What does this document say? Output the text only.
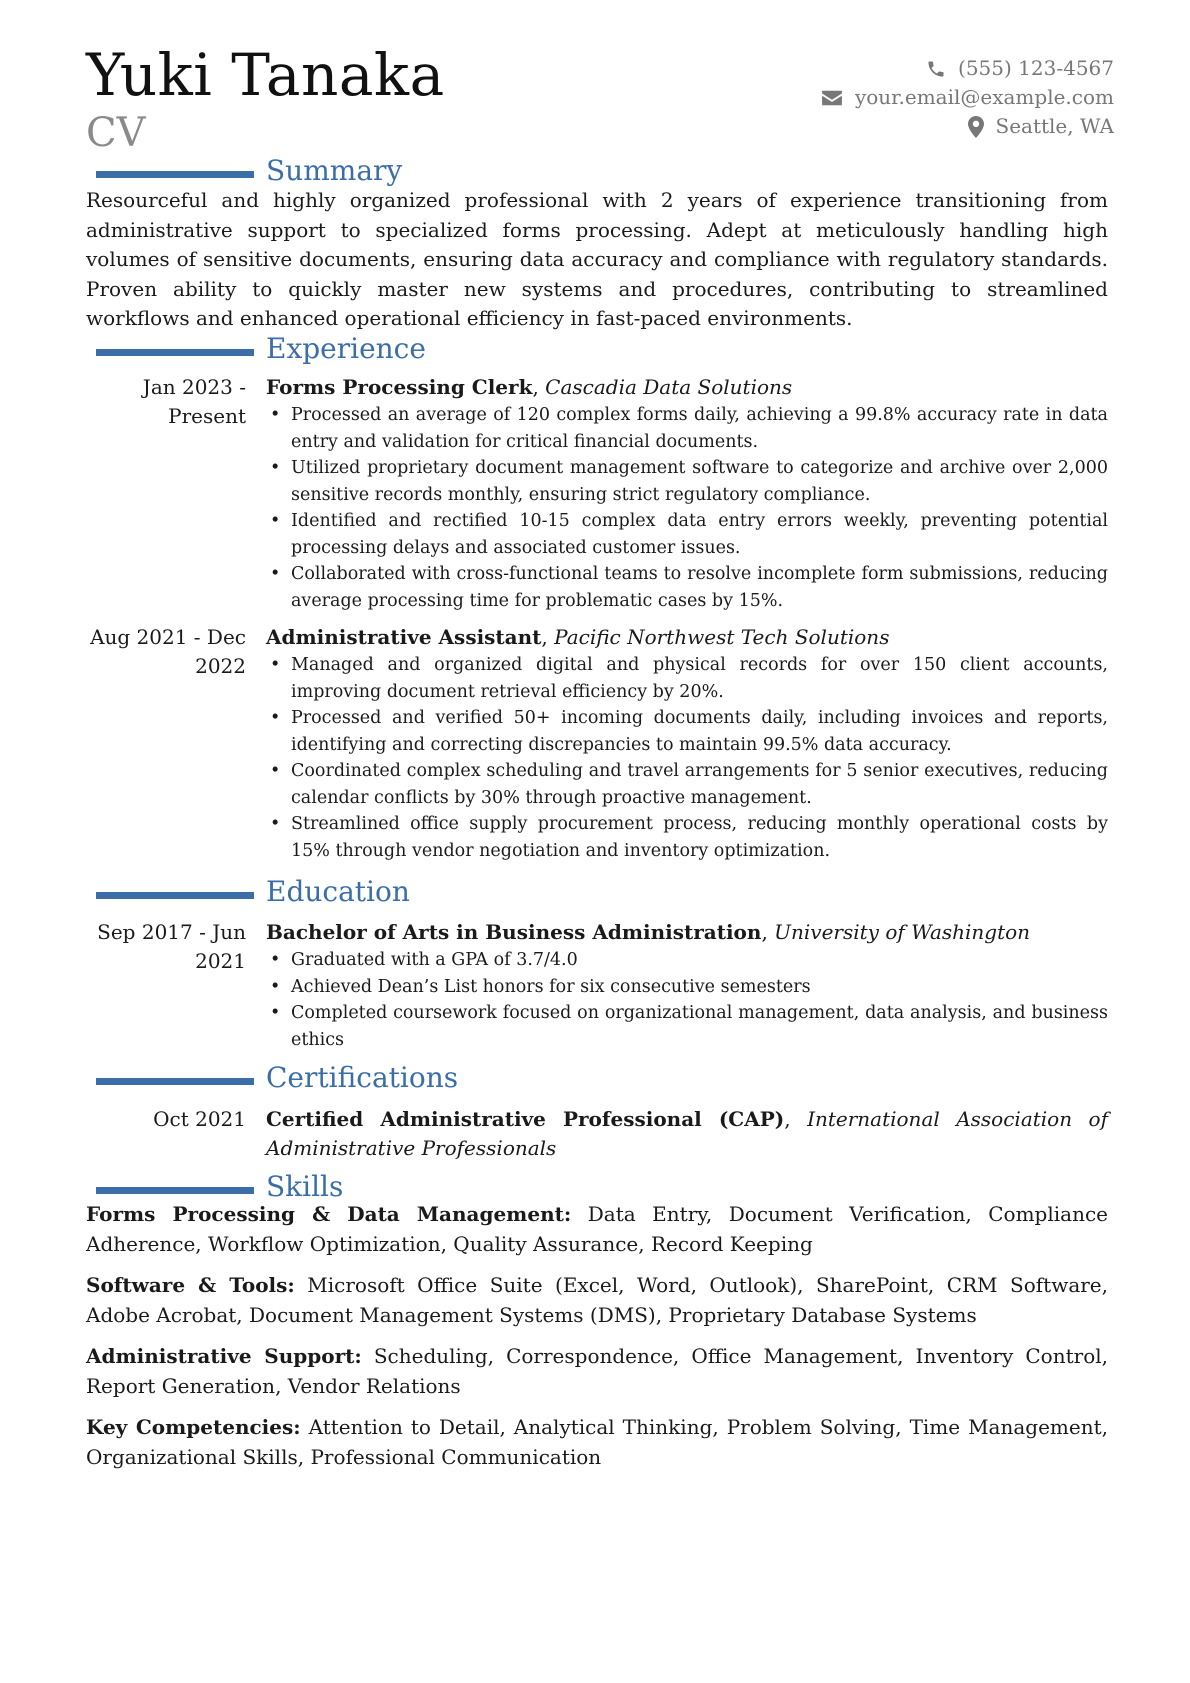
Yuki Tanaka
CV
(555) 123-4567
your.email@example.com
Seattle, WA
Summary
Resourceful and highly organized professional with 2 years of experience transitioning from administrative support to specialized forms processing. Adept at meticulously handling high volumes of sensitive documents, ensuring data accuracy and compliance with regulatory standards. Proven ability to quickly master new systems and procedures, contributing to streamlined workflows and enhanced operational efficiency in fast-paced environments.
Experience
Jan 2023 - Present
Forms Processing Clerk, Cascadia Data Solutions
• Processed an average of 120 complex forms daily, achieving a 99.8% accuracy rate in data entry and validation for critical financial documents.
• Utilized proprietary document management software to categorize and archive over 2,000 sensitive records monthly, ensuring strict regulatory compliance.
• Identified and rectified 10-15 complex data entry errors weekly, preventing potential processing delays and associated customer issues.
• Collaborated with cross-functional teams to resolve incomplete form submissions, reducing average processing time for problematic cases by 15%.
Aug 2021 - Dec 2022
Administrative Assistant, Pacific Northwest Tech Solutions
• Managed and organized digital and physical records for over 150 client accounts, improving document retrieval efficiency by 20%.
• Processed and verified 50+ incoming documents daily, including invoices and reports, identifying and correcting discrepancies to maintain 99.5% data accuracy.
• Coordinated complex scheduling and travel arrangements for 5 senior executives, reducing calendar conflicts by 30% through proactive management.
• Streamlined office supply procurement process, reducing monthly operational costs by 15% through vendor negotiation and inventory optimization.
Education
Sep 2017 - Jun 2021
Bachelor of Arts in Business Administration, University of Washington
• Graduated with a GPA of 3.7/4.0
• Achieved Dean’s List honors for six consecutive semesters
• Completed coursework focused on organizational management, data analysis, and business ethics
Certifications
Oct 2021 Certified Administrative Professional (CAP), International Association of Administrative Professionals
Skills
Forms Processing & Data Management: Data Entry, Document Verification, Compliance Adherence, Workflow Optimization, Quality Assurance, Record Keeping
Software & Tools: Microsoft Office Suite (Excel, Word, Outlook), SharePoint, CRM Software, Adobe Acrobat, Document Management Systems (DMS), Proprietary Database Systems
Administrative Support: Scheduling, Correspondence, Office Management, Inventory Control, Report Generation, Vendor Relations
Key Competencies: Attention to Detail, Analytical Thinking, Problem Solving, Time Management, Organizational Skills, Professional Communication
